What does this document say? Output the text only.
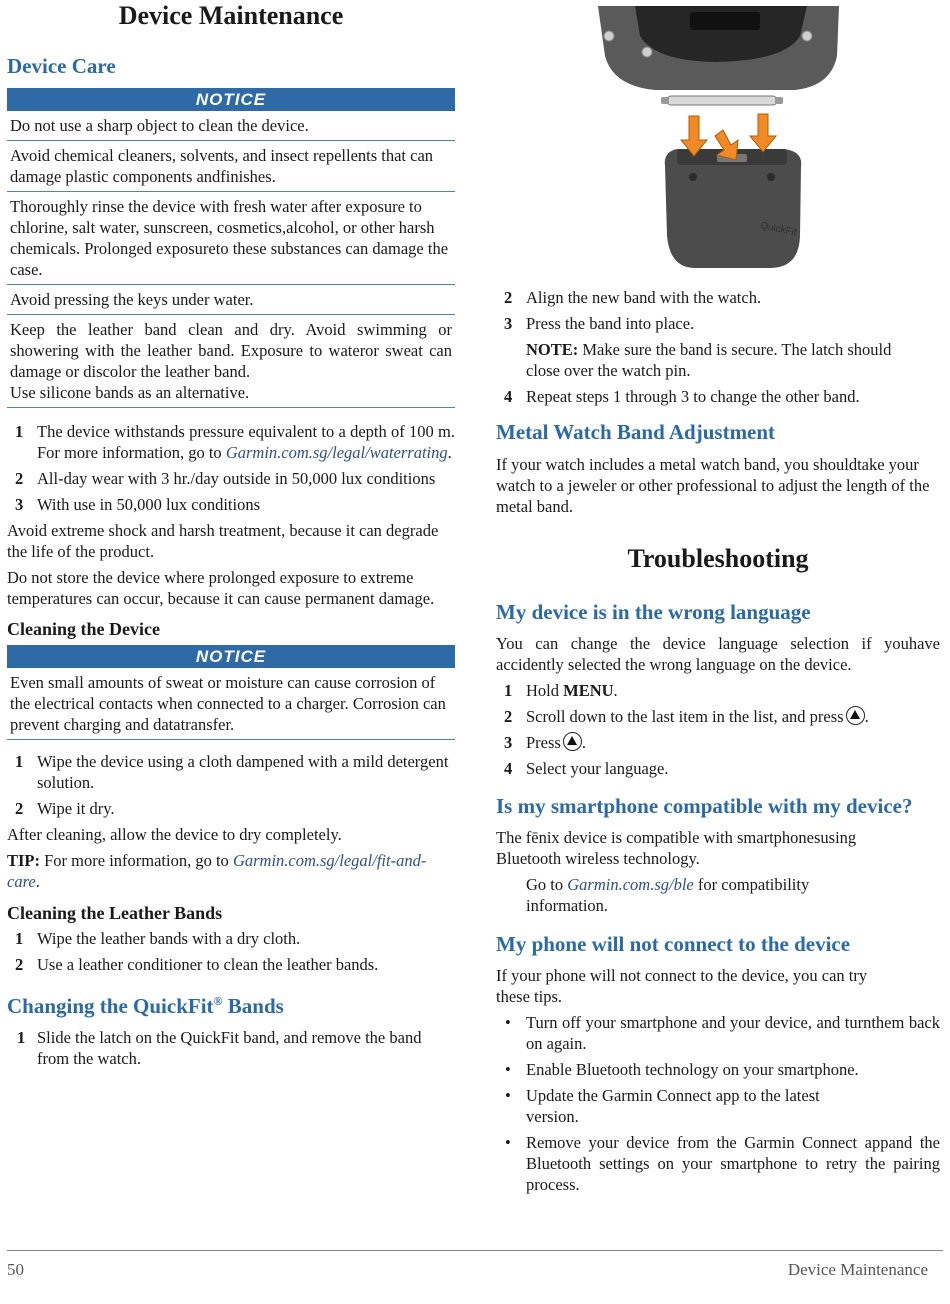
Device Maintenance
Device Care
NOTICE
Do not use a sharp object to clean the device.
Avoid chemical cleaners, solvents, and insect repellents that can damage plastic components andfinishes.
Thoroughly rinse the device with fresh water after exposure to chlorine, salt water, sunscreen, cosmetics,alcohol, or other harsh chemicals. Prolonged exposureto these substances can damage the case.
Avoid pressing the keys under water.
Keep the leather band clean and dry. Avoid swimming or showering with the leather band. Exposure to wateror sweat can damage or discolor the leather band.
Use silicone bands as an alternative.
1 The device withstands pressure equivalent to a depth of 100 m. For more information, go to Garmin.com.sg/legal/waterrating.
2 All-day wear with 3 hr./day outside in 50,000 lux conditions
3 With use in 50,000 lux conditions

Avoid extreme shock and harsh treatment, because it can degrade the life of the product.

Do not store the device where prolonged exposure to extreme temperatures can occur, because it can cause permanent damage.

Cleaning the Device
NOTICE
Even small amounts of sweat or moisture can cause corrosion of the electrical contacts when connected to a charger. Corrosion can prevent charging and datatransfer.
1 Wipe the device using a cloth dampened with a mild detergent solution.
2 Wipe it dry.

After cleaning, allow the device to dry completely.

TIP: For more information, go to Garmin.com.sg/legal/fit-and-care.

Cleaning the Leather Bands
1 Wipe the leather bands with a dry cloth.
2 Use a leather conditioner to clean the leather bands.
Changing the QuickFit® Bands
1 Slide the latch on the QuickFit band, and remove the band from the watch.
QuickFit
2 Align the new band with the watch.
3 Press the band into place.
NOTE: Make sure the band is secure. The latch should close over the watch pin.
4 Repeat steps 1 through 3 to change the other band.
Metal Watch Band Adjustment

If your watch includes a metal watch band, you shouldtake your watch to a jeweler or other professional to adjust the length of the metal band.

Troubleshooting
My device is in the wrong language

You can change the device language selection if youhave accidently selected the wrong language on the device.

1 Hold MENU.
2 Scroll down to the last item in the list, and press .
3 Press .
4 Select your language.
Is my smartphone compatible with my device?

The fēnix device is compatible with smartphonesusing Bluetooth wireless technology.

Go to Garmin.com.sg/ble for compatibility information.

My phone will not connect to the device

If your phone will not connect to the device, you can try these tips.

• Turn off your smartphone and your device, and turnthem back on again.
• Enable Bluetooth technology on your smartphone.
• Update the Garmin Connect app to the latest version.
• Remove your device from the Garmin Connect appand the Bluetooth settings on your smartphone to retry the pairing process.
50	Device Maintenance
